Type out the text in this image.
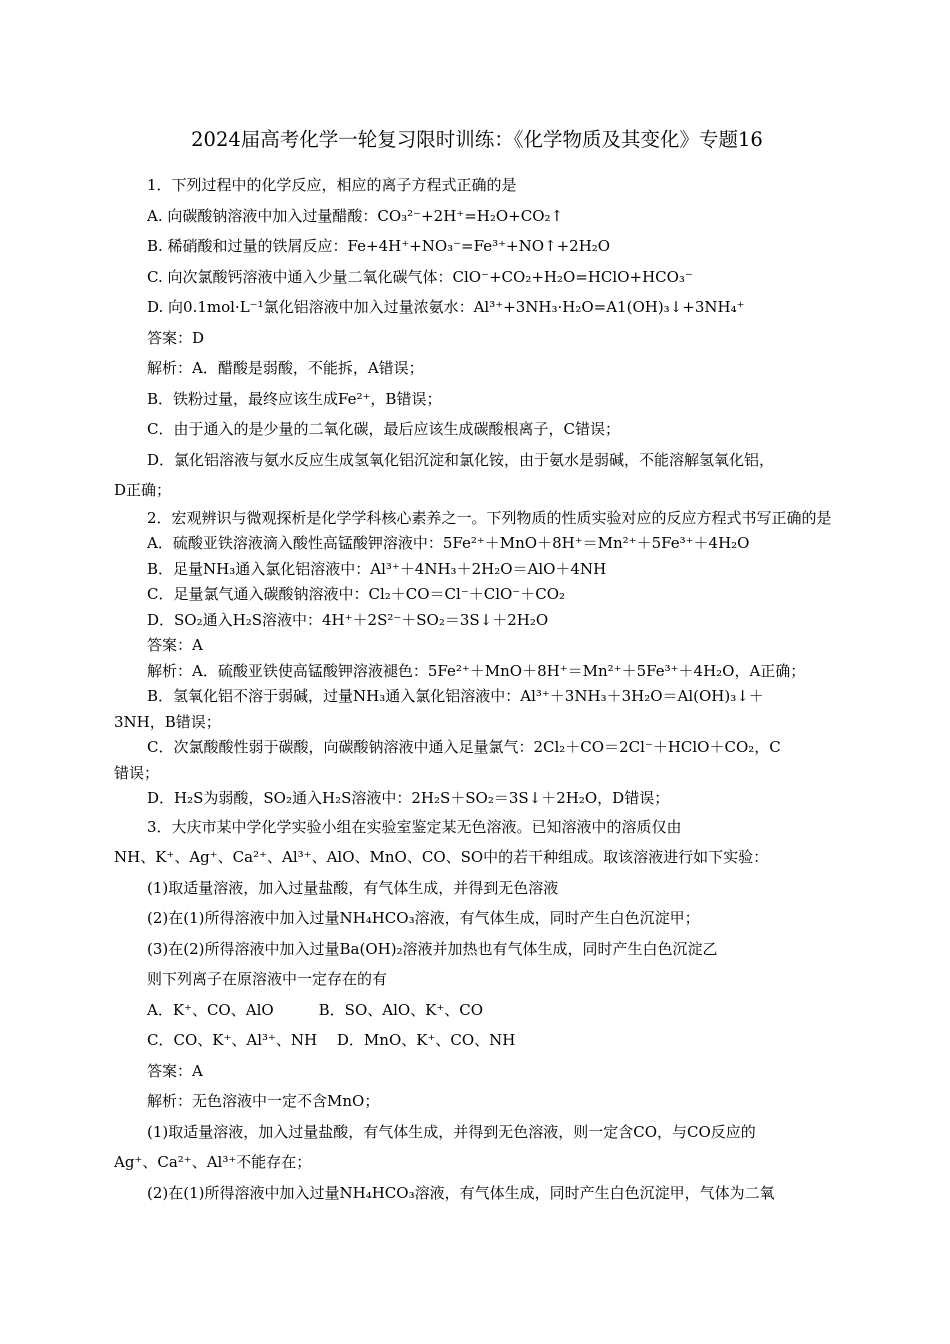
2024届高考化学一轮复习限时训练：《化学物质及其变化》专题16

1．下列过程中的化学反应，相应的离子方程式正确的是

A. 向碳酸钠溶液中加入过量醋酸：CO₃²⁻+2H⁺=H₂O+CO₂↑

B. 稀硝酸和过量的铁屑反应：Fe+4H⁺+NO₃⁻=Fe³⁺+NO↑+2H₂O

C. 向次氯酸钙溶液中通入少量二氧化碳气体：ClO⁻+CO₂+H₂O=HClO+HCO₃⁻

D. 向0.1mol·L⁻¹氯化铝溶液中加入过量浓氨水：Al³⁺+3NH₃·H₂O=A1(OH)₃↓+3NH₄⁺

答案：D

解析：A．醋酸是弱酸，不能拆，A错误；

B．铁粉过量，最终应该生成Fe²⁺，B错误；

C．由于通入的是少量的二氧化碳，最后应该生成碳酸根离子，C错误；

D．氯化铝溶液与氨水反应生成氢氧化铝沉淀和氯化铵，由于氨水是弱碱，不能溶解氢氧化铝，

D正确；

2．宏观辨识与微观探析是化学学科核心素养之一。下列物质的性质实验对应的反应方程式书写正确的是

A．硫酸亚铁溶液滴入酸性高锰酸钾溶液中：5Fe²⁺＋MnO＋8H⁺＝Mn²⁺＋5Fe³⁺＋4H₂O

B．足量NH₃通入氯化铝溶液中：Al³⁺＋4NH₃＋2H₂O＝AlO＋4NH

C．足量氯气通入碳酸钠溶液中：Cl₂＋CO＝Cl⁻＋ClO⁻＋CO₂

D．SO₂通入H₂S溶液中：4H⁺＋2S²⁻＋SO₂＝3S↓＋2H₂O

答案：A

解析：A．硫酸亚铁使高锰酸钾溶液褪色：5Fe²⁺＋MnO＋8H⁺＝Mn²⁺＋5Fe³⁺＋4H₂O，A正确；

B．氢氧化铝不溶于弱碱，过量NH₃通入氯化铝溶液中：Al³⁺＋3NH₃＋3H₂O＝Al(OH)₃↓＋

3NH，B错误；

C．次氯酸酸性弱于碳酸，向碳酸钠溶液中通入足量氯气：2Cl₂＋CO＝2Cl⁻＋HClO＋CO₂，C

错误；

D．H₂S为弱酸，SO₂通入H₂S溶液中：2H₂S＋SO₂＝3S↓＋2H₂O，D错误；

3．大庆市某中学化学实验小组在实验室鉴定某无色溶液。已知溶液中的溶质仅由

NH、K⁺、Ag⁺、Ca²⁺、Al³⁺、AlO、MnO、CO、SO中的若干种组成。取该溶液进行如下实验：

(1)取适量溶液，加入过量盐酸，有气体生成，并得到无色溶液

(2)在(1)所得溶液中加入过量NH₄HCO₃溶液，有气体生成，同时产生白色沉淀甲；

(3)在(2)所得溶液中加入过量Ba(OH)₂溶液并加热也有气体生成，同时产生白色沉淀乙

则下列离子在原溶液中一定存在的有

A．K⁺、CO、AlO　　　B．SO、AlO、K⁺、CO

C．CO、K⁺、Al³⁺、NH　 D．MnO、K⁺、CO、NH

答案：A

解析：无色溶液中一定不含MnO；

(1)取适量溶液，加入过量盐酸，有气体生成，并得到无色溶液，则一定含CO，与CO反应的

Ag⁺、Ca²⁺、Al³⁺不能存在；

(2)在(1)所得溶液中加入过量NH₄HCO₃溶液，有气体生成，同时产生白色沉淀甲，气体为二氧
